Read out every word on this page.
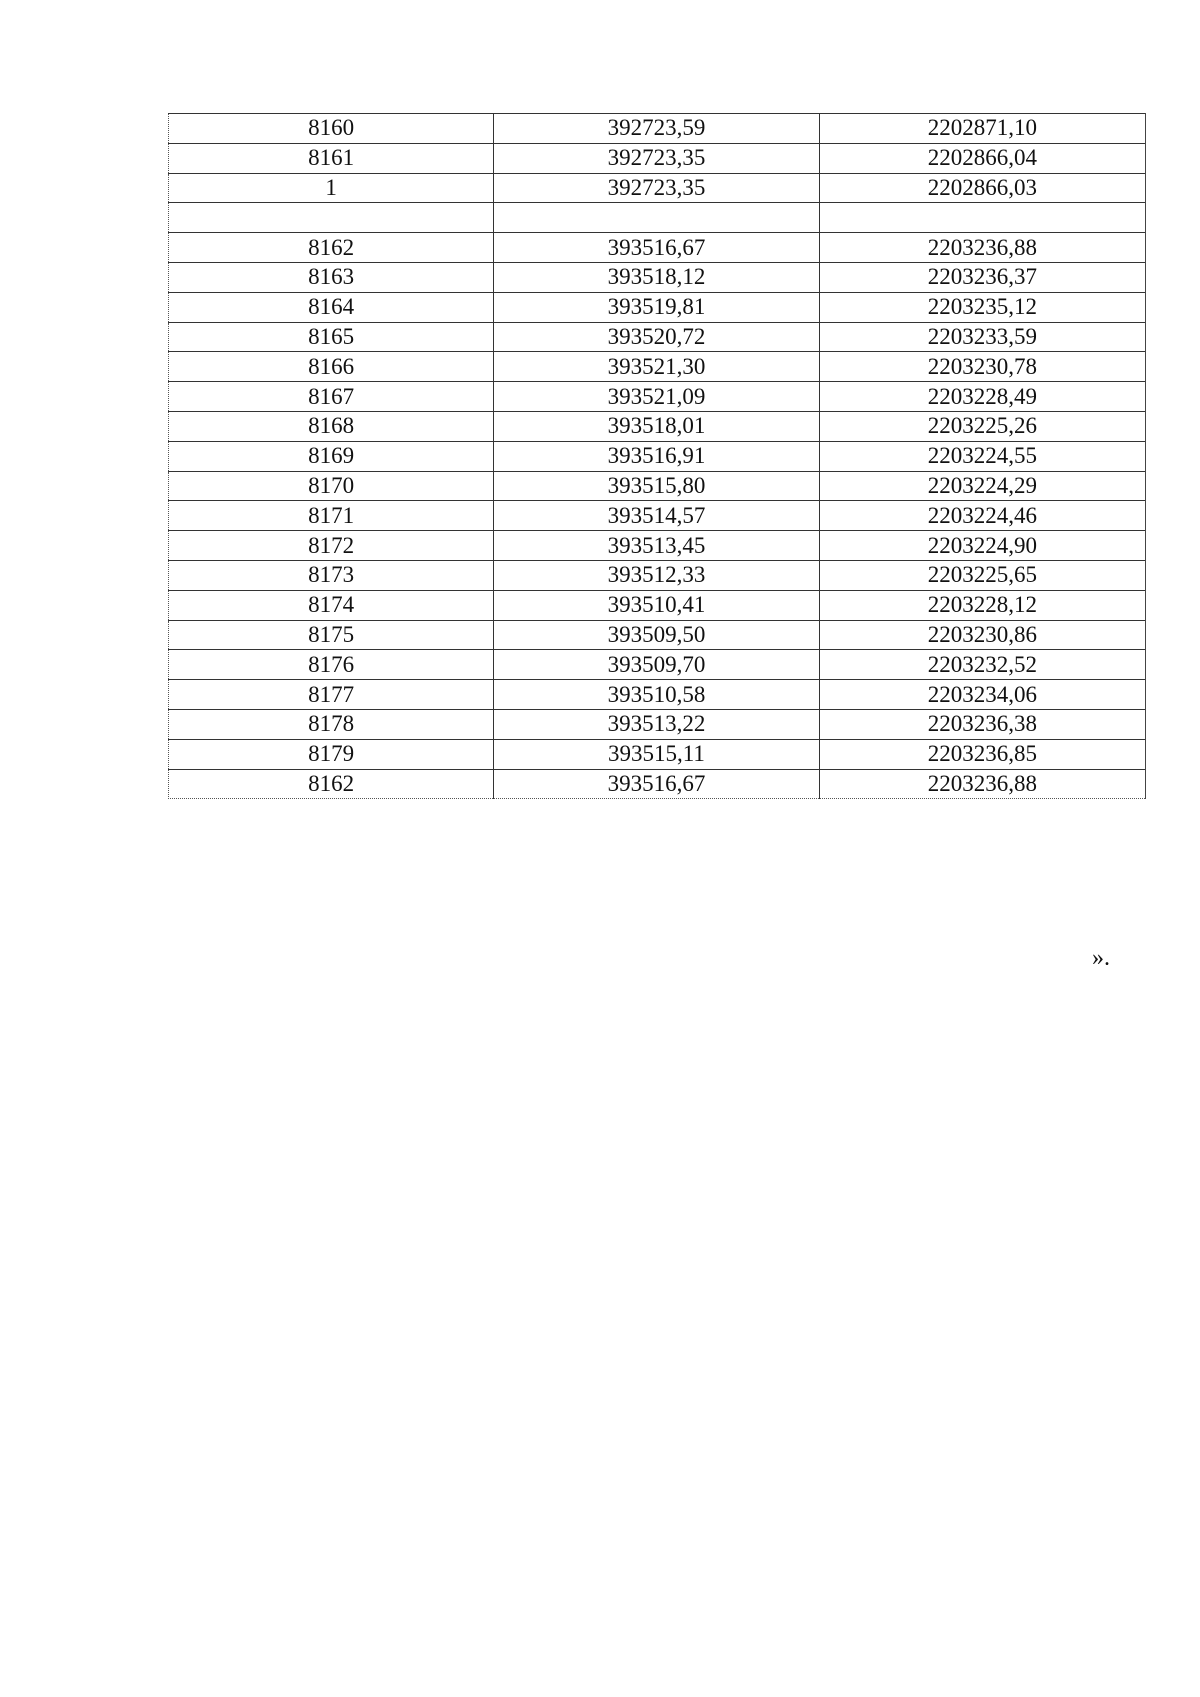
8160	392723,59	2202871,10
8161	392723,35	2202866,04
1	392723,35	2202866,03

8162	393516,67	2203236,88
8163	393518,12	2203236,37
8164	393519,81	2203235,12
8165	393520,72	2203233,59
8166	393521,30	2203230,78
8167	393521,09	2203228,49
8168	393518,01	2203225,26
8169	393516,91	2203224,55
8170	393515,80	2203224,29
8171	393514,57	2203224,46
8172	393513,45	2203224,90
8173	393512,33	2203225,65
8174	393510,41	2203228,12
8175	393509,50	2203230,86
8176	393509,70	2203232,52
8177	393510,58	2203234,06
8178	393513,22	2203236,38
8179	393515,11	2203236,85
8162	393516,67	2203236,88
».
